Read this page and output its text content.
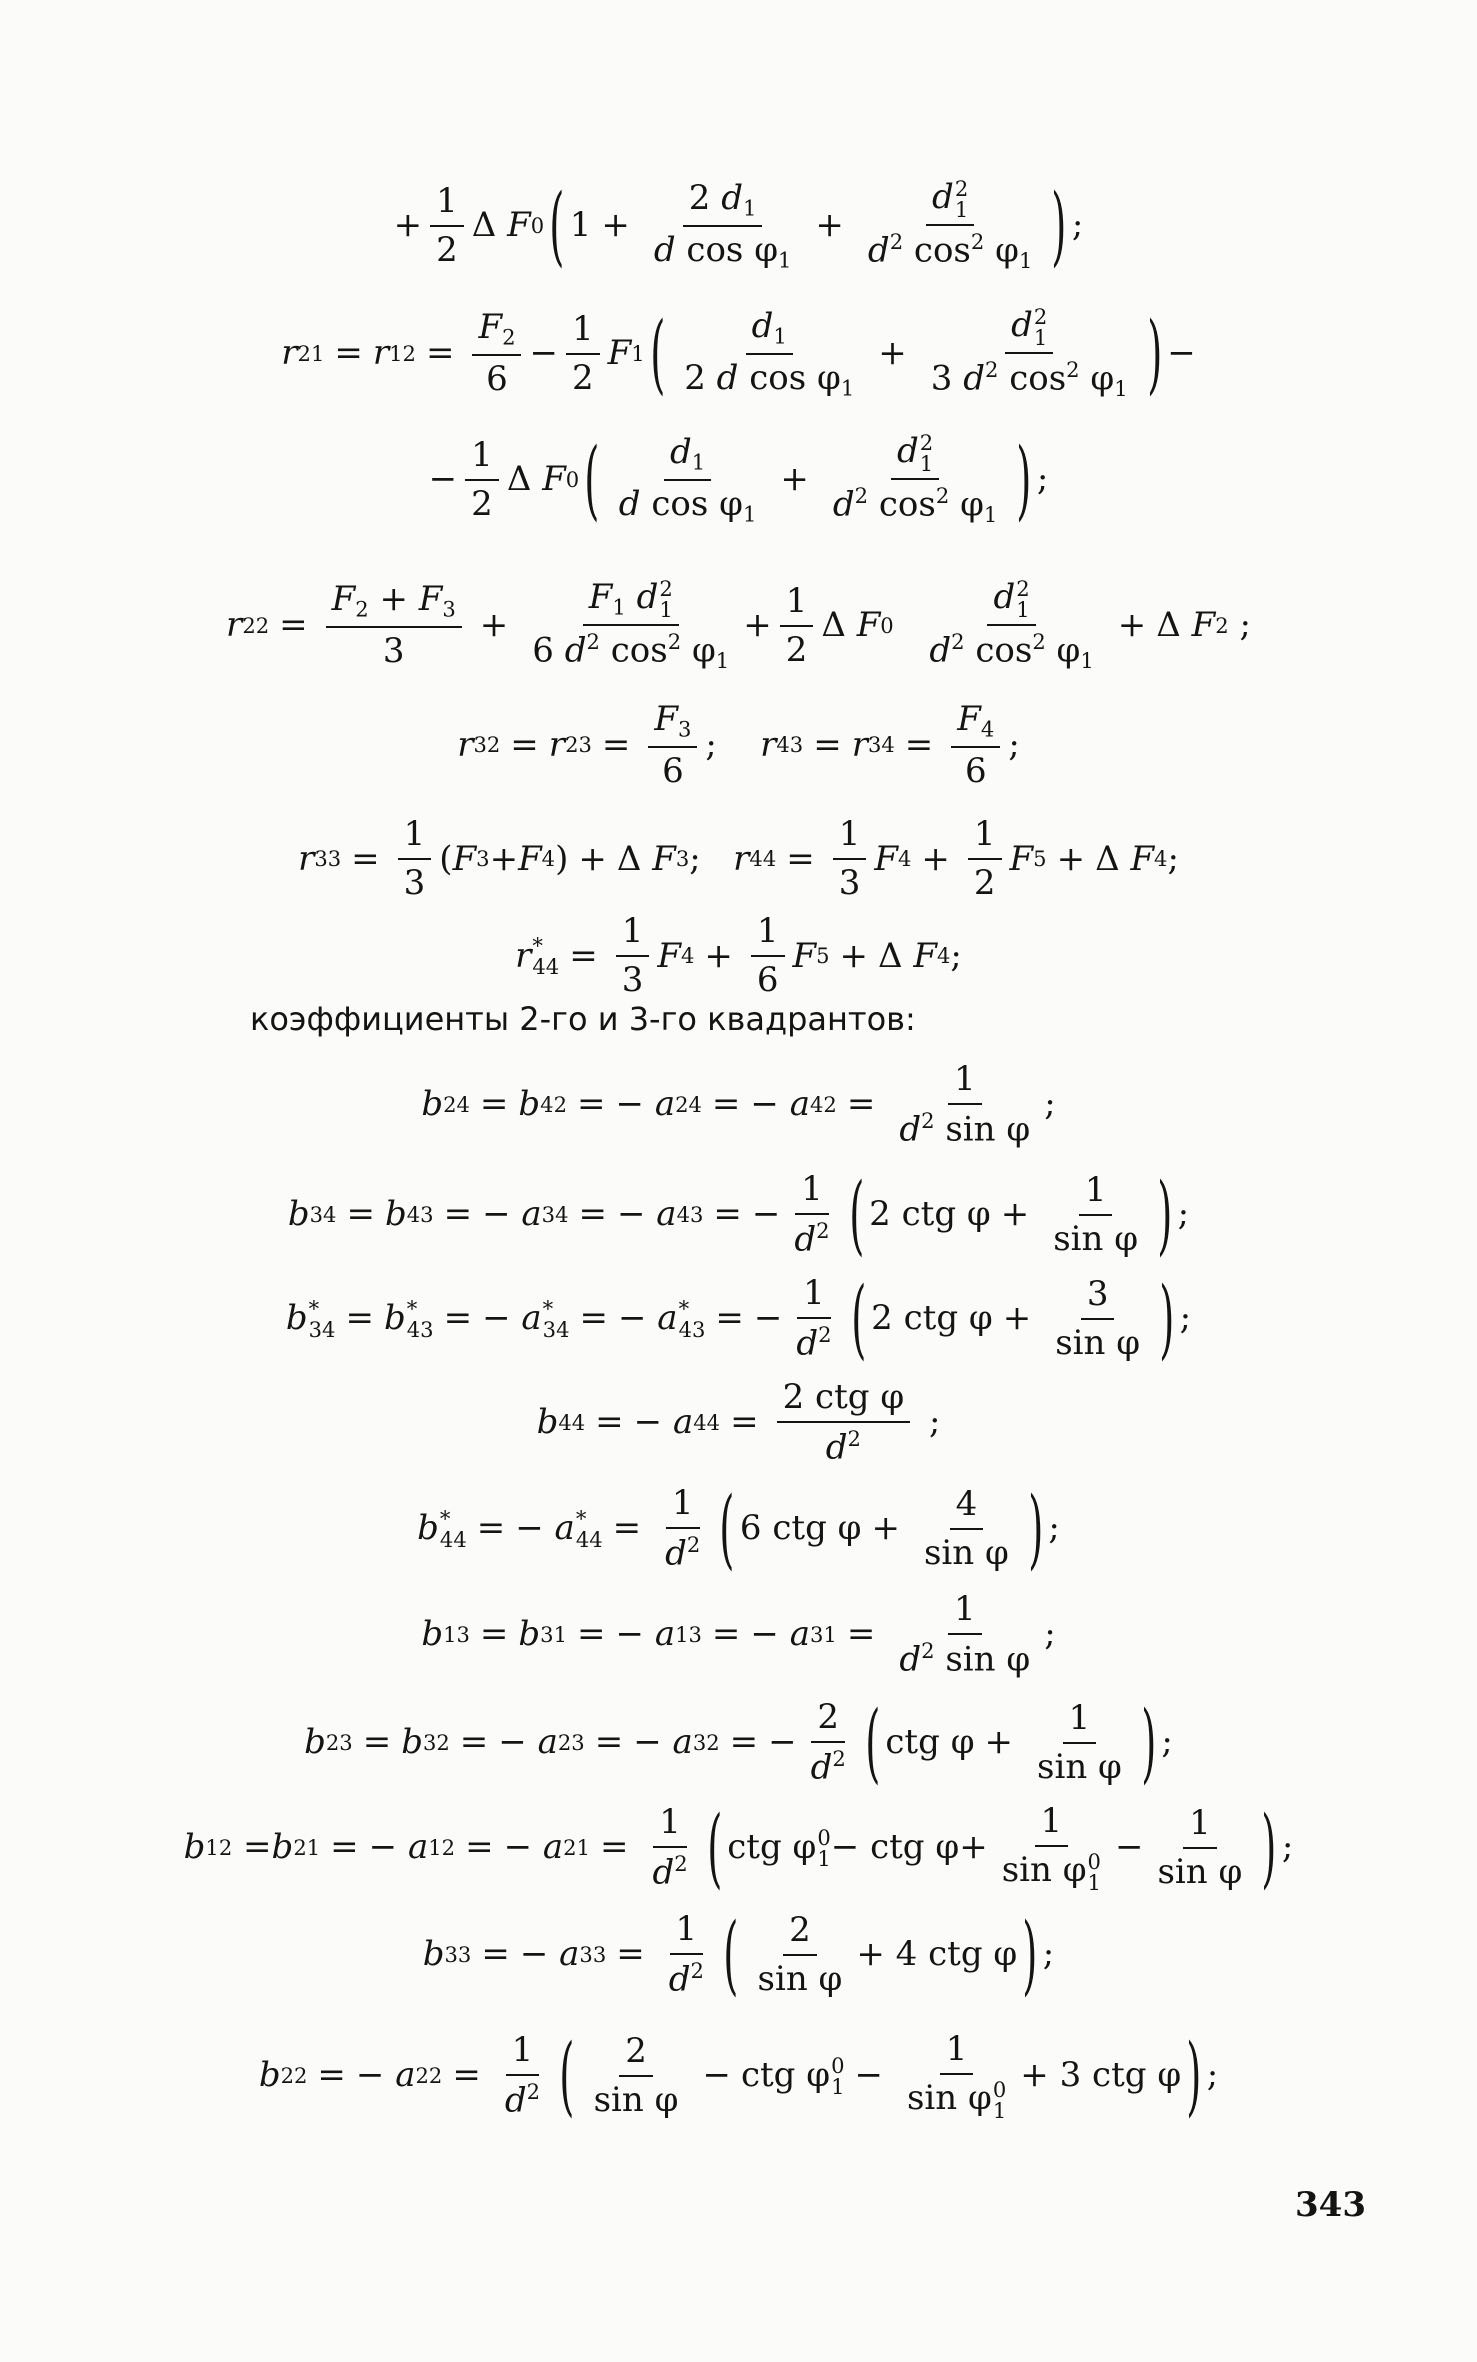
+ $\frac{1}{2}$ Δ
F 0 ( $1 + \frac{2 d_1}{d \cos \varphi_1} + d$ 2
1
$d^2$ $\cos^2 \varphi_1$ ) ;
r 21 = r $12 = \frac{F_2}{6} - \frac{1}{2}$ F 1 ( $\frac{d_1}{2 d \cos \varphi_1} + d$ 2
1
3 $d^2$ $\cos^2 \varphi_1$ ) −
− $\frac{1}{2}$ Δ
F 0 ( $\frac{d_1}{d \cos \varphi_1} + d$ 2
1
$d^2$ $\cos^2 \varphi_1$ ) ;
r $22 = \frac{F_2 + F_3}{3} + F_1$ d 2
1
6 $d^2$ $\cos^2 \varphi_1 + \frac{1}{2}$ Δ
F 0
d 2
1
$d^2$ $\cos^2 \varphi_1 + \Delta$
F 2
;
r 32 = r $23 = \frac{F_3}{6}$ ;
r 43 = r $34 = \frac{F_4}{6}$ ;
r $33 = \frac{1}{3}$ ( F 3 + F 4 ) + Δ
F 3 ;
r $44 = \frac{1}{3}$ F $4 + \frac{1}{2}$ F 5 + Δ
F 4 ;
r *
$44 = \frac{1}{3}$ F $4 + \frac{1}{6}$ F 5 + Δ
F 4 ;
коэффициенты 2-го и 3-го квадрантов:
b 24 = b 42 = −
a 24 = −
a $42 = \frac{1}{d^2 \sin \varphi}$ ;
b 34 = b 43 = −
a 34 = −
a 43 = − $\frac{1}{d^2}$ ( 2
ctg
$\varphi + \frac{1}{\text{sin φ}}$ ) ;
b *
34 = b *
43 = −
a *
34 = −
a *
43 = − $\frac{1}{d^2}$ ( 2
ctg
$\varphi + \frac{3}{\text{sin φ}}$ ) ;
b 44 = −
a $44 = \frac{\text{2 ctg φ}}{d^2}$
;
b *
44 = −
a *
$44 = \frac{1}{d^2}$ ( 6
ctg
$\varphi + \frac{4}{\text{sin φ}}$ ) ;
b 13 = b 31 = −
a 13 = −
a $31 = \frac{1}{d^2 \sin \varphi}$ ;
b 23 = b 32 = −
a 23 = −
a 32 = − $\frac{2}{d^2}$ ( ctg
$\varphi + \frac{1}{\text{sin φ}}$ ) ;
b 12
= b 21 = −
a 12 = −
a $21 = \frac{1}{d^2}$ ( ctg
φ 0
1 −
ctg
φ + 1
sin φ 0
$1 - \frac{1}{\text{sin φ}}$ ) ;
b 33 = −
a $33 = \frac{1}{d^2}$ ( $\frac{2}{\text{sin φ}}$ +
4
ctg
φ ) ;
b 22 = −
a $22 = \frac{1}{d^2}$ ( $\frac{2}{\text{sin φ}}$ − ctg
φ 0
1 − 1
sin φ 0
1 +
3
ctg
φ ) ;
343
